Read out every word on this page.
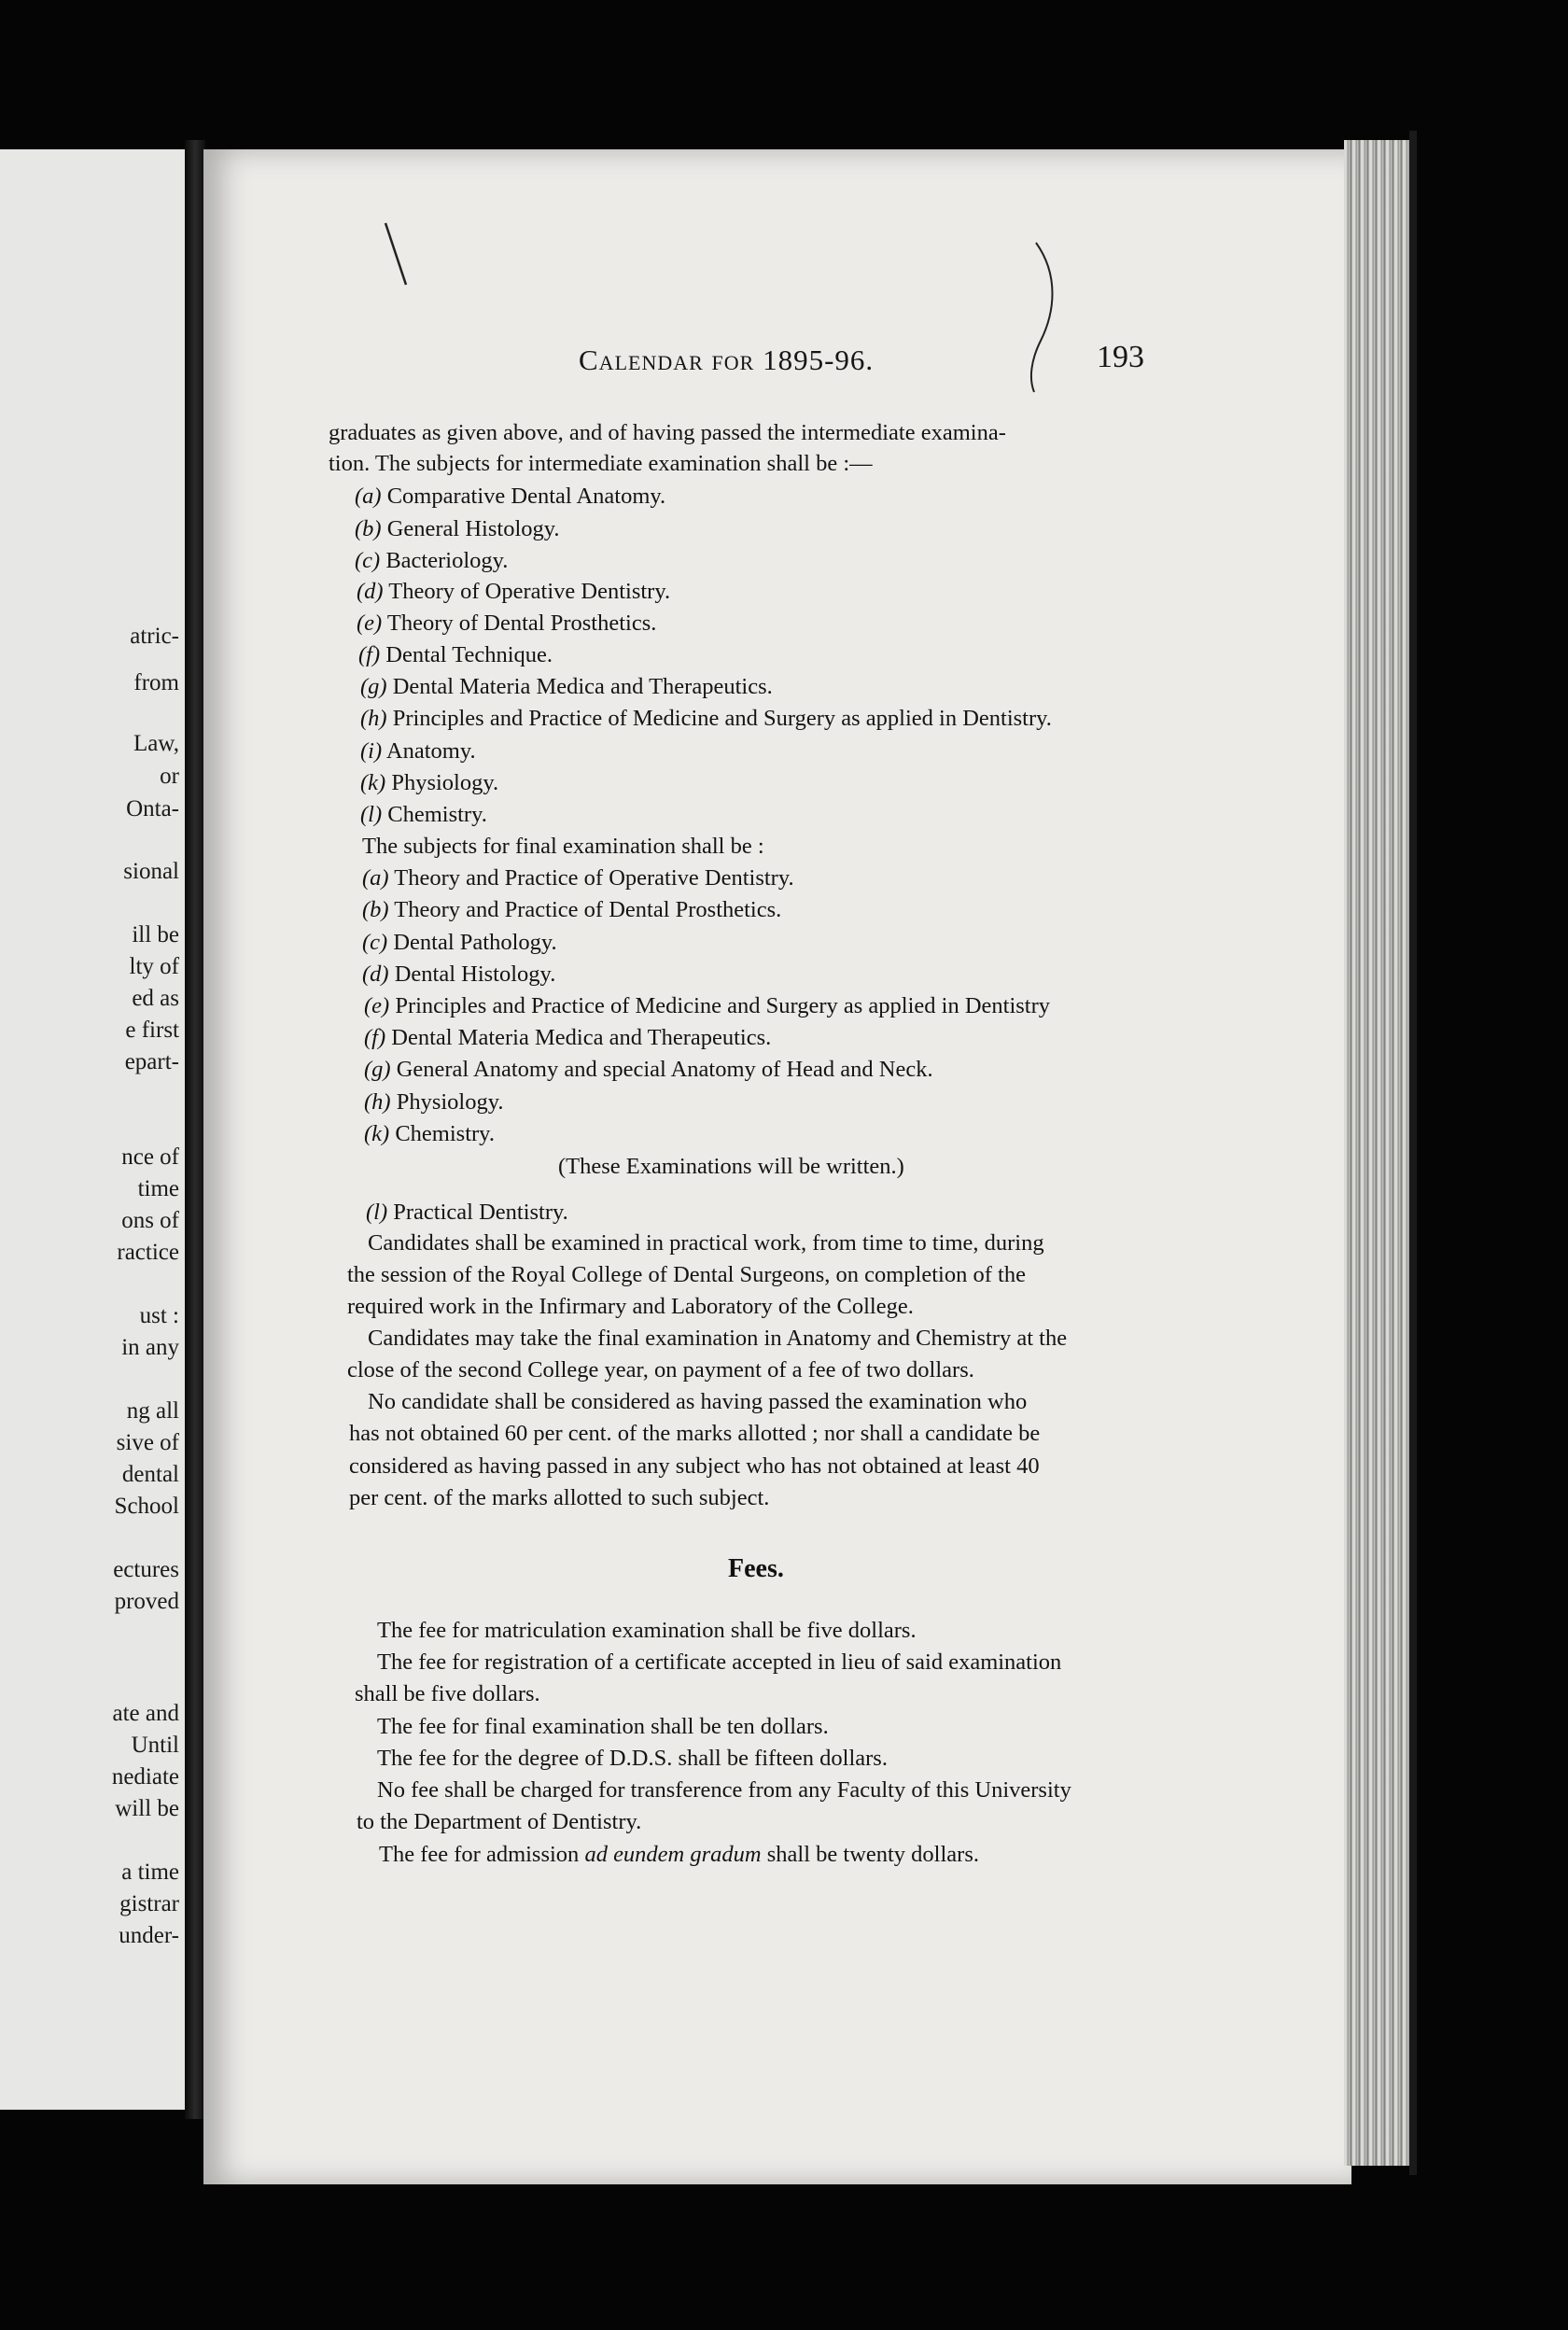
atric-
from
Law,
or
Onta-
sional
ill be
lty of
ed as
e first
epart-
nce of
time
ons of
ractice
ust :
in any
ng all
sive of
dental
School
ectures
proved
ate and
Until
nediate
will be
a time
gistrar
under-
Calendar for 1895-96.	193
graduates as given above, and of having passed the intermediate examina-
tion. The subjects for intermediate examination shall be :—
(a) Comparative Dental Anatomy.
(b) General Histology.
(c) Bacteriology.
(d) Theory of Operative Dentistry.
(e) Theory of Dental Prosthetics.
(f) Dental Technique.
(g) Dental Materia Medica and Therapeutics.
(h) Principles and Practice of Medicine and Surgery as applied in Dentistry.
(i) Anatomy.
(k) Physiology.
(l) Chemistry.
The subjects for final examination shall be :
(a) Theory and Practice of Operative Dentistry.
(b) Theory and Practice of Dental Prosthetics.
(c) Dental Pathology.
(d) Dental Histology.
(e) Principles and Practice of Medicine and Surgery as applied in Dentistry
(f) Dental Materia Medica and Therapeutics.
(g) General Anatomy and special Anatomy of Head and Neck.
(h) Physiology.
(k) Chemistry.
(These Examinations will be written.)
(l) Practical Dentistry.
Candidates shall be examined in practical work, from time to time, during
the session of the Royal College of Dental Surgeons, on completion of the
required work in the Infirmary and Laboratory of the College.
Candidates may take the final examination in Anatomy and Chemistry at the
close of the second College year, on payment of a fee of two dollars.
No candidate shall be considered as having passed the examination who
has not obtained 60 per cent. of the marks allotted ; nor shall a candidate be
considered as having passed in any subject who has not obtained at least 40
per cent. of the marks allotted to such subject.
Fees.
The fee for matriculation examination shall be five dollars.
The fee for registration of a certificate accepted in lieu of said examination
shall be five dollars.
The fee for final examination shall be ten dollars.
The fee for the degree of D.D.S. shall be fifteen dollars.
No fee shall be charged for transference from any Faculty of this University
to the Department of Dentistry.
The fee for admission ad eundem gradum shall be twenty dollars.
